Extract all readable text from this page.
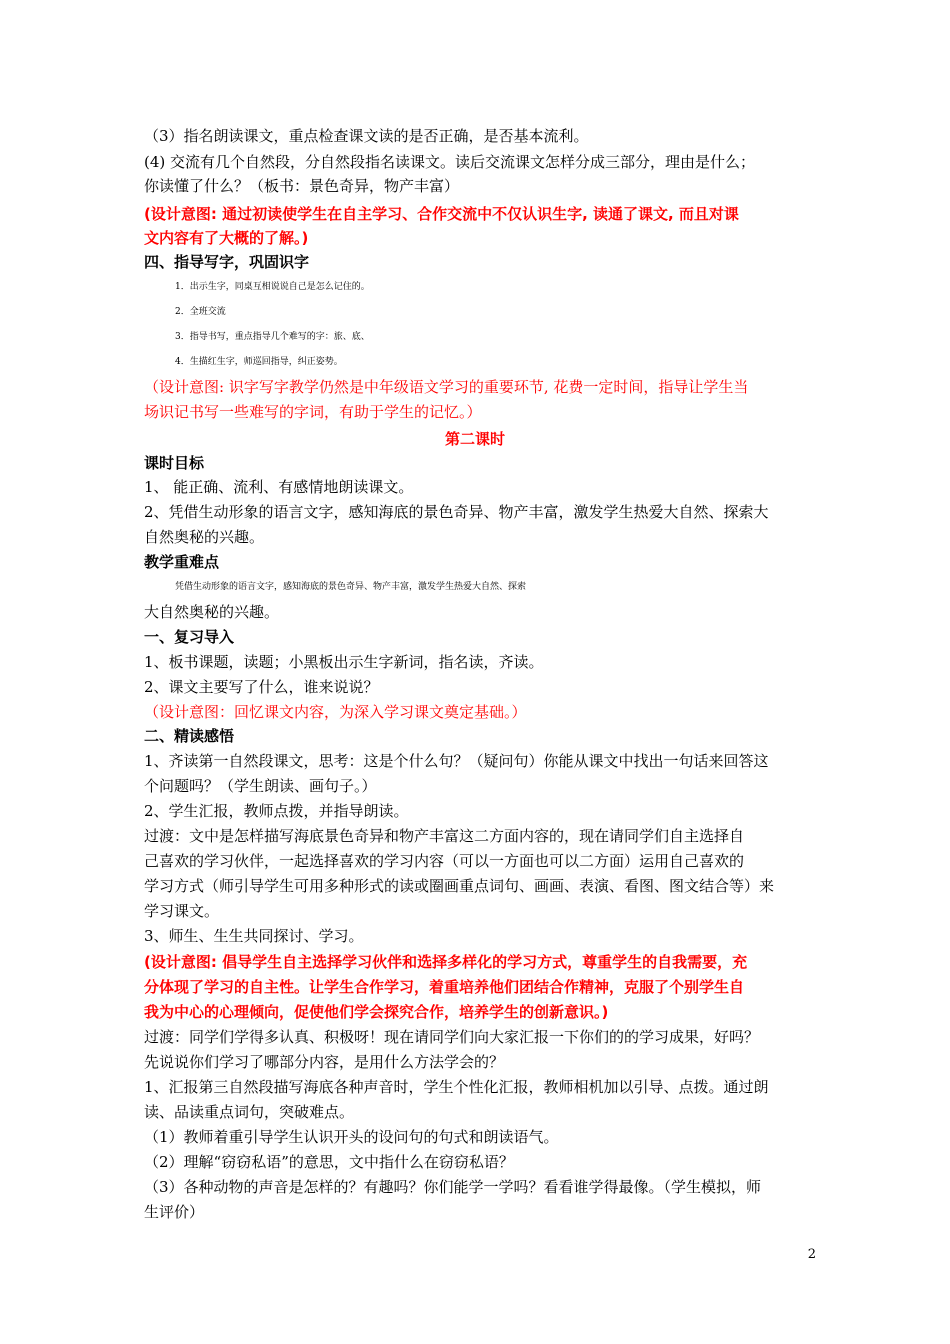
（3）指名朗读课文，重点检查课文读的是否正确，是否基本流利。
(4) 交流有几个自然段，分自然段指名读课文。读后交流课文怎样分成三部分，理由是什么；
你读懂了什么？（板书：景色奇异，物产丰富）
(设计意图: 通过初读使学生在自主学习、合作交流中不仅认识生字, 读通了课文, 而且对课
文内容有了大概的了解。)
四、指导写字，巩固识字
1．出示生字，同桌互相说说自己是怎么记住的。
2．全班交流
3．指导书写，重点指导几个难写的字：旅、底、
4．生描红生字，师巡回指导，纠正姿势。
（设计意图: 识字写字教学仍然是中年级语文学习的重要环节, 花费一定时间，指导让学生当
场识记书写一些难写的字词，有助于学生的记忆。）
第二课时
课时目标
1、 能正确、流利、有感情地朗读课文。
2、凭借生动形象的语言文字，感知海底的景色奇异、物产丰富，激发学生热爱大自然、探索大
自然奥秘的兴趣。
教学重难点
凭借生动形象的语言文字，感知海底的景色奇异、物产丰富，激发学生热爱大自然、探索
大自然奥秘的兴趣。
一、复习导入
1、板书课题，读题；小黑板出示生字新词，指名读，齐读。
2、课文主要写了什么，谁来说说？
（设计意图：回忆课文内容，为深入学习课文奠定基础。）
二、精读感悟
1、齐读第一自然段课文，思考：这是个什么句？（疑问句）你能从课文中找出一句话来回答这
个问题吗？（学生朗读、画句子。）
2、学生汇报，教师点拨，并指导朗读。
过渡：文中是怎样描写海底景色奇异和物产丰富这二方面内容的，现在请同学们自主选择自
己喜欢的学习伙伴，一起选择喜欢的学习内容（可以一方面也可以二方面）运用自己喜欢的
学习方式（师引导学生可用多种形式的读或圈画重点词句、画画、表演、看图、图文结合等）来
学习课文。
3、师生、生生共同探讨、学习。
(设计意图: 倡导学生自主选择学习伙伴和选择多样化的学习方式，尊重学生的自我需要，充
分体现了学习的自主性。让学生合作学习，着重培养他们团结合作精神，克服了个别学生自
我为中心的心理倾向，促使他们学会探究合作，培养学生的创新意识。)
过渡：同学们学得多认真、积极呀！现在请同学们向大家汇报一下你们的的学习成果，好吗？
先说说你们学习了哪部分内容，是用什么方法学会的？
1、汇报第三自然段描写海底各种声音时，学生个性化汇报，教师相机加以引导、点拨。通过朗
读、品读重点词句，突破难点。
（1）教师着重引导学生认识开头的设问句的句式和朗读语气。
（2）理解“窃窃私语”的意思，文中指什么在窃窃私语？
（3）各种动物的声音是怎样的？有趣吗？你们能学一学吗？看看谁学得最像。（学生模拟，师
生评价）
2
